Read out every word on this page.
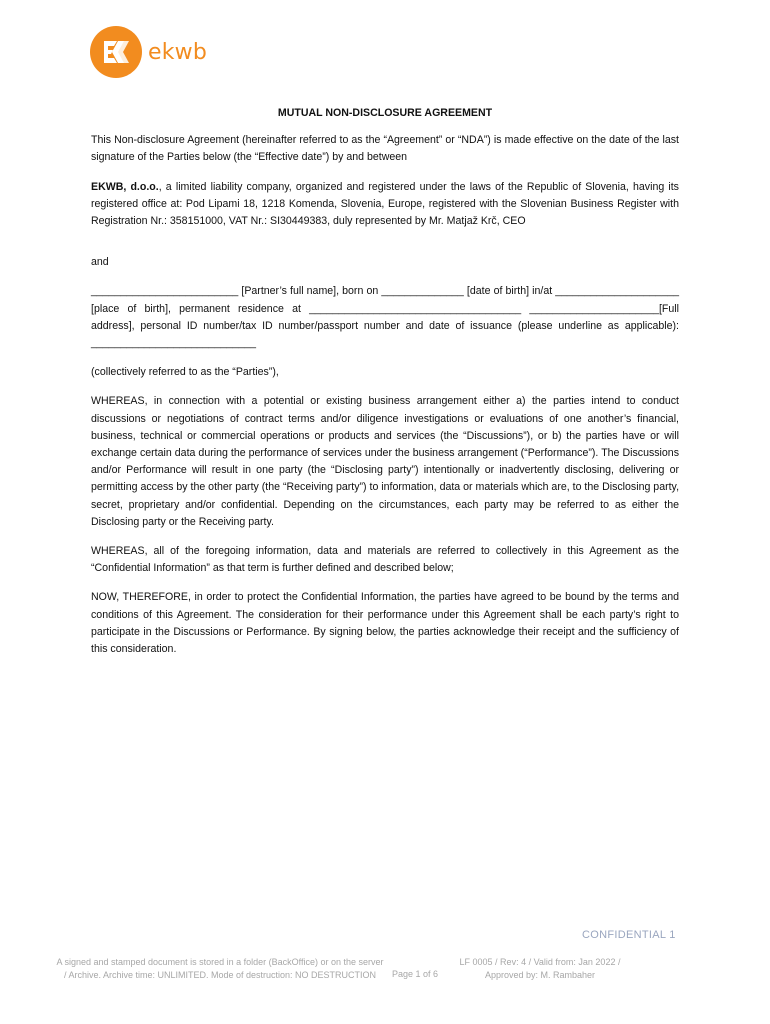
ekwb
MUTUAL NON-DISCLOSURE AGREEMENT

This Non-disclosure Agreement (hereinafter referred to as the “Agreement” or “NDA”) is made effective on the date of the last signature of the Parties below (the “Effective date”) by and between

EKWB, d.o.o., a limited liability company, organized and registered under the laws of the Republic of Slovenia, having its registered office at: Pod Lipami 18, 1218 Komenda, Slovenia, Europe, registered with the Slovenian Business Register with Registration Nr.: 358151000, VAT Nr.: SI30449383, duly represented by Mr. Matjaž Krč, CEO

and

_________________________ [Partner’s full name], born on ______________ [date of birth] in/at _____________________ [place of birth], permanent residence at ____________________________________ ______________________[Full address], personal ID number/tax ID number/passport number and date of issuance (please underline as applicable): ____________________________

(collectively referred to as the “Parties”),

WHEREAS, in connection with a potential or existing business arrangement either a) the parties intend to conduct discussions or negotiations of contract terms and/or diligence investigations or evaluations of one another’s financial, business, technical or commercial operations or products and services (the “Discussions”), or b) the parties have or will exchange certain data during the performance of services under the business arrangement (“Performance”). The Discussions and/or Performance will result in one party (the “Disclosing party”) intentionally or inadvertently disclosing, delivering or permitting access by the other party (the “Receiving party”) to information, data or materials which are, to the Disclosing party, secret, proprietary and/or confidential. Depending on the circumstances, each party may be referred to as either the Disclosing party or the Receiving party.

WHEREAS, all of the foregoing information, data and materials are referred to collectively in this Agreement as the “Confidential Information” as that term is further defined and described below;

NOW, THEREFORE, in order to protect the Confidential Information, the parties have agreed to be bound by the terms and conditions of this Agreement. The consideration for their performance under this Agreement shall be each party’s right to participate in the Discussions or Performance. By signing below, the parties acknowledge their receipt and the sufficiency of this consideration.

CONFIDENTIAL 1
A signed and stamped document is stored in a folder (BackOffice) or on the server
/ Archive. Archive time: UNLIMITED. Mode of destruction: NO DESTRUCTION	Page 1 of 6
LF 0005 / Rev: 4 / Valid from: Jan 2022 /
Approved by: M. Rambaher
